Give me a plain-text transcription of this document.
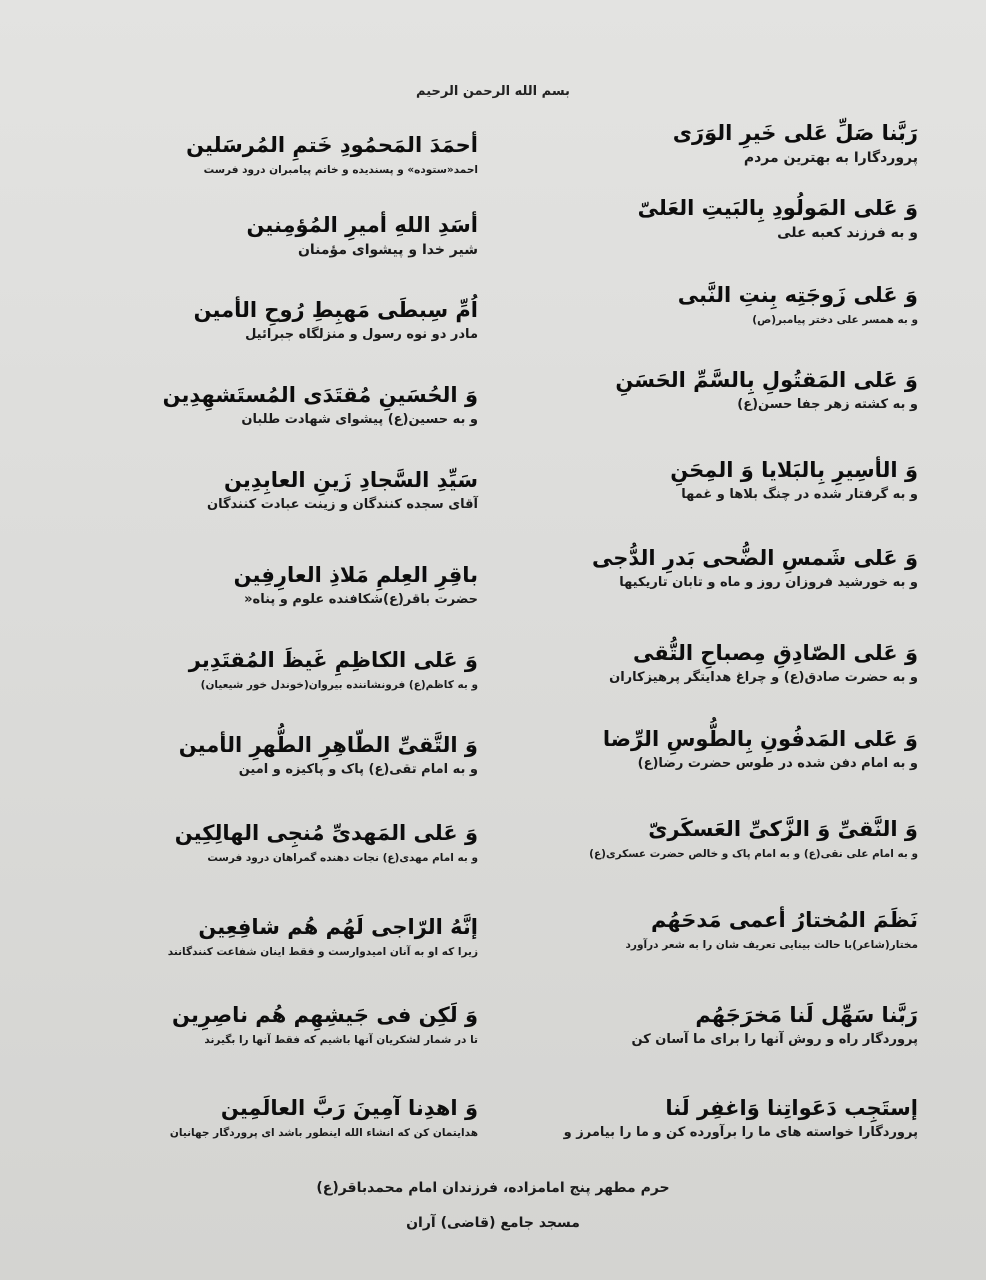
بسم الله الرحمن الرحیم
رَبَّنا صَلِّ عَلی خَیرِ الوَرَی
پروردگارا به بهترین مردم
وَ عَلی المَولُودِ بِالبَیتِ العَلیّ
و به فرزند کعبه علی
وَ عَلی زَوجَتِه بِنتِ النَّبی
و به همسر علی دختر پیامبر(ص)
وَ عَلی المَقتُولِ بِالسَّمِّ الحَسَنِ
و به کشته زهر جفا حسن(ع)
وَ الأسِیرِ بِالبَلایا وَ المِحَنِ
و به گرفتار شده در چنگ بلاها و غمها
وَ عَلی شَمسِ الضُّحی بَدرِ الدُّجی
و به خورشید فروزان روز و ماه و تابان تاریکیها
وَ عَلی الصّادِقِ مِصباحِ التُّقی
و به حضرت صادق(ع) و چراغ هدایتگر پرهیزکاران
وَ عَلی المَدفُونِ بِالطُّوسِ الرِّضا
و به امام دفن شده در طوس حضرت رضا(ع)
وَ النَّقیِّ وَ الزَّکیِّ العَسکَریّ
و به امام علی نقی(ع) و به امام پاک و خالص حضرت عسکری(ع)
نَظَمَ المُختارُ أعمی مَدحَهُم
مختار(شاعر)با حالت بینایی تعریف شان را به شعر درآورد
رَبَّنا سَهِّل لَنا مَخرَجَهُم
پروردگار راه و روش آنها را برای ما آسان کن
إستَجِب دَعَواتِنا وَاغفِر لَنا
پروردگارا خواسته های ما را برآورده کن و ما را بیامرز و
أحمَدَ المَحمُودِ خَتمِ المُرسَلین
احمد«ستوده» و پسندیده و خاتم پیامبران درود فرست
أسَدِ اللهِ أمیرِ المُؤمِنین
شیر خدا و پیشوای مؤمنان
اُمِّ سِبطَی مَهبِطِ رُوحِ الأمین
مادر دو نوه رسول و منزلگاه جبرائیل
وَ الحُسَینِ مُقتَدَی المُستَشهِدِین
و به حسین(ع) پیشوای شهادت طلبان
سَیِّدِ السَّجادِ زَینِ العابِدِین
آقای سجده کنندگان و زینت عبادت کنندگان
باقِرِ العِلمِ مَلاذِ العارِفِین
حضرت باقر(ع)شکافنده علوم و پناه«
وَ عَلی الکاظِمِ غَیظَ المُقتَدِیر
و به کاظم(ع) فرونشاننده بیروان(خوندل خور شیعیان)
وَ التَّقیِّ الطّاهِرِ الطُّهرِ الأمین
و به امام تقی(ع) پاک و پاکیزه و امین
وَ عَلی المَهدیِّ مُنجِی الهالِکِین
و به امام مهدی(ع) نجات دهنده گمراهان درود فرست
إنَّهُ الرّاجی لَهُم هُم شافِعِین
زیرا که او به آنان امیدوارست و فقط اینان شفاعت کنندگانند
وَ لَکِن فی جَیشِهِم هُم ناصِرِین
تا در شمار لشکریان آنها باشیم که فقط آنها را بگیرند
وَ اهدِنا آمِینَ رَبَّ العالَمِین
هدایتمان کن که انشاء الله اینطور باشد ای پروردگار جهانیان
حرم مطهر پنج امامزاده، فرزندان امام محمدباقر(ع)
مسجد جامع (قاضی) آران
